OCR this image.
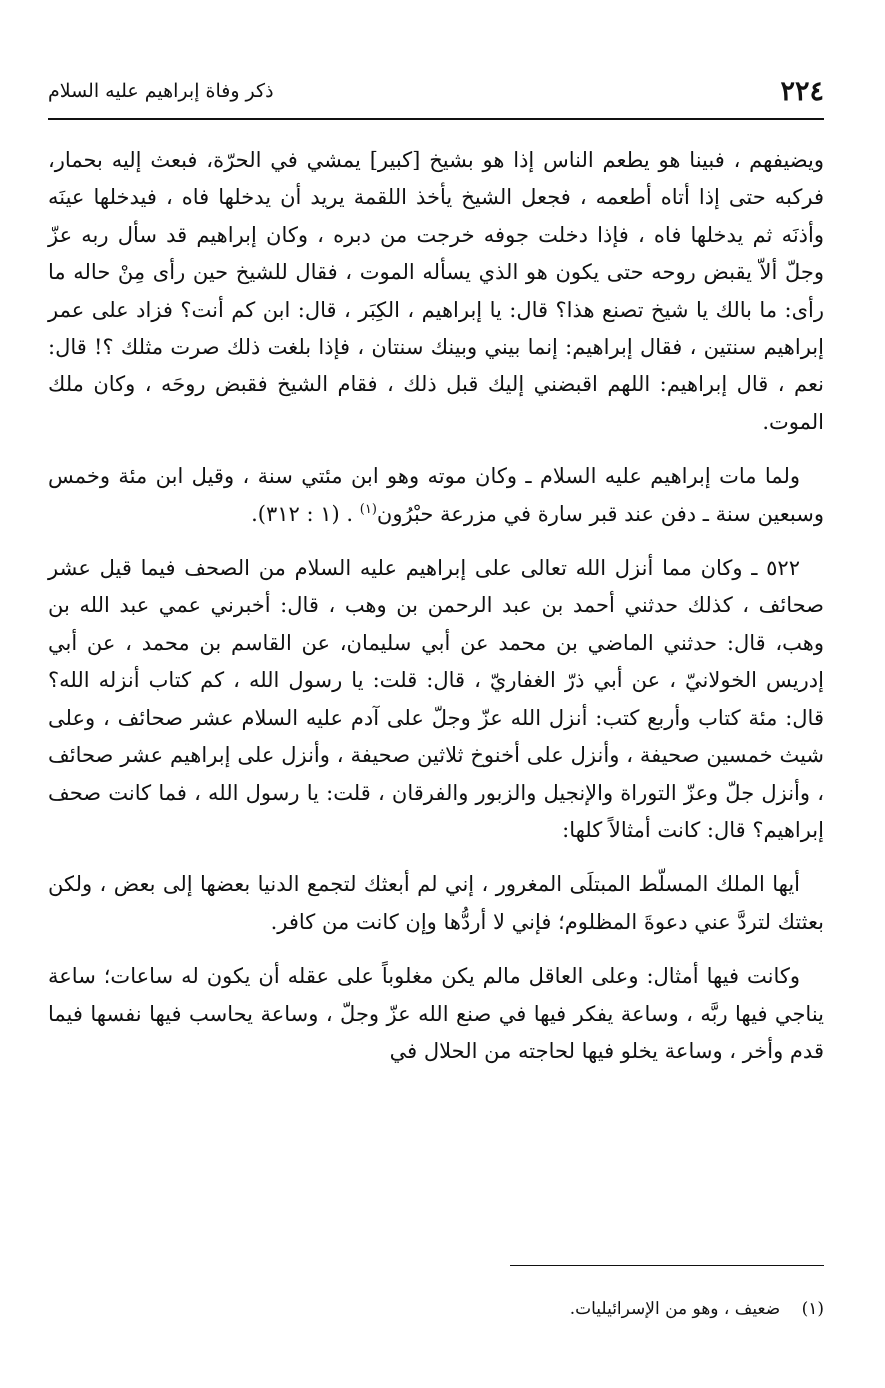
٢٢٤
ذكر وفاة إبراهيم عليه السلام

ويضيفهم ، فبينا هو يطعم الناس إذا هو بشيخ [كبير] يمشي في الحرّة، فبعث إليه بحمار، فركبه حتى إذا أتاه أطعمه ، فجعل الشيخ يأخذ اللقمة يريد أن يدخلها فاه ، فيدخلها عينَه وأذنَه ثم يدخلها فاه ، فإذا دخلت جوفه خرجت من دبره ، وكان إبراهيم قد سأل ربه عزّ وجلّ ألاّ يقبض روحه حتى يكون هو الذي يسأله الموت ، فقال للشيخ حين رأى مِنْ حاله ما رأى: ما بالك يا شيخ تصنع هذا؟ قال: يا إبراهيم ، الكِبَر ، قال: ابن كم أنت؟ فزاد على عمر إبراهيم سنتين ، فقال إبراهيم: إنما بيني وبينك سنتان ، فإذا بلغت ذلك صرت مثلك ؟! قال: نعم ، قال إبراهيم: اللهم اقبضني إليك قبل ذلك ، فقام الشيخ فقبض روحَه ، وكان ملك الموت.

ولما مات إبراهيم عليه السلام ـ وكان موته وهو ابن مئتي سنة ، وقيل ابن مئة وخمس وسبعين سنة ـ دفن عند قبر سارة في مزرعة حبْرُون$^{(١)}$ . (١ : ٣١٢).

٥٢٢ ـ وكان مما أنزل الله تعالى على إبراهيم عليه السلام من الصحف فيما قيل عشر صحائف ، كذلك حدثني أحمد بن عبد الرحمن بن وهب ، قال: أخبرني عمي عبد الله بن وهب، قال: حدثني الماضي بن محمد عن أبي سليمان، عن القاسم بن محمد ، عن أبي إدريس الخولانيّ ، عن أبي ذرّ الغفاريّ ، قال: قلت: يا رسول الله ، كم كتاب أنزله الله؟ قال: مئة كتاب وأربع كتب: أنزل الله عزّ وجلّ على آدم عليه السلام عشر صحائف ، وعلى شيث خمسين صحيفة ، وأنزل على أخنوخ ثلاثين صحيفة ، وأنزل على إبراهيم عشر صحائف ، وأنزل جلّ وعزّ التوراة والإنجيل والزبور والفرقان ، قلت: يا رسول الله ، فما كانت صحف إبراهيم؟ قال: كانت أمثالاً كلها:

أيها الملك المسلّط المبتلَى المغرور ، إني لم أبعثك لتجمع الدنيا بعضها إلى بعض ، ولكن بعثتك لتردَّ عني دعوةَ المظلوم؛ فإني لا أردُّها وإن كانت من كافر.

وكانت فيها أمثال: وعلى العاقل مالم يكن مغلوباً على عقله أن يكون له ساعات؛ ساعة يناجي فيها ربَّه ، وساعة يفكر فيها في صنع الله عزّ وجلّ ، وساعة يحاسب فيها نفسها فيما قدم وأخر ، وساعة يخلو فيها لحاجته من الحلال في

(١) ضعيف ، وهو من الإسرائيليات.
